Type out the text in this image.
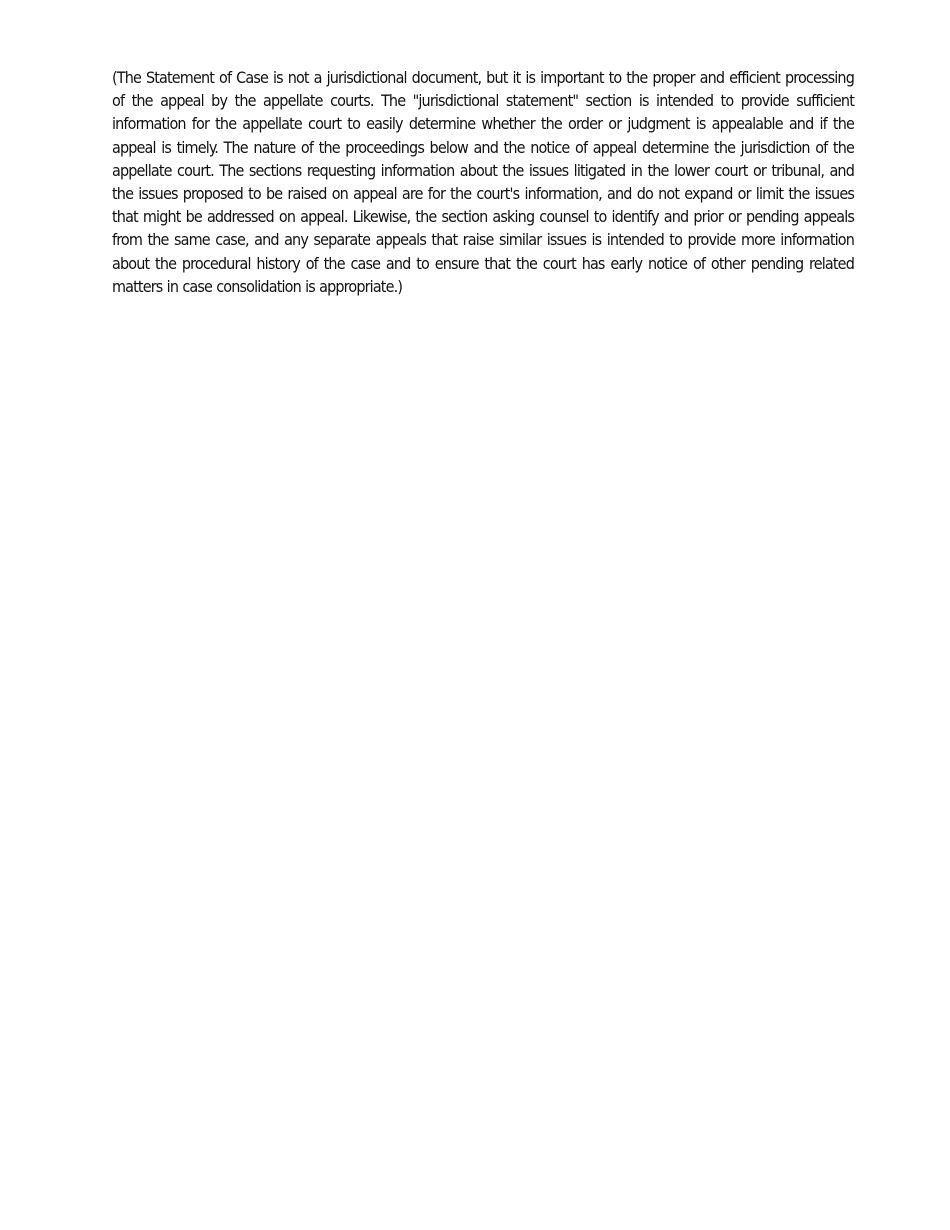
(The Statement of Case is not a jurisdictional document, but it is important to the proper and efficient processing of the appeal by the appellate courts. The "jurisdictional statement" section is intended to provide sufficient information for the appellate court to easily determine whether the order or judgment is appealable and if the appeal is timely. The nature of the proceedings below and the notice of appeal determine the jurisdiction of the appellate court. The sections requesting information about the issues litigated in the lower court or tribunal, and the issues proposed to be raised on appeal are for the court's information, and do not expand or limit the issues that might be addressed on appeal. Likewise, the section asking counsel to identify and prior or pending appeals from the same case, and any separate appeals that raise similar issues is intended to provide more information about the procedural history of the case and to ensure that the court has early notice of other pending related matters in case consolidation is appropriate.)
